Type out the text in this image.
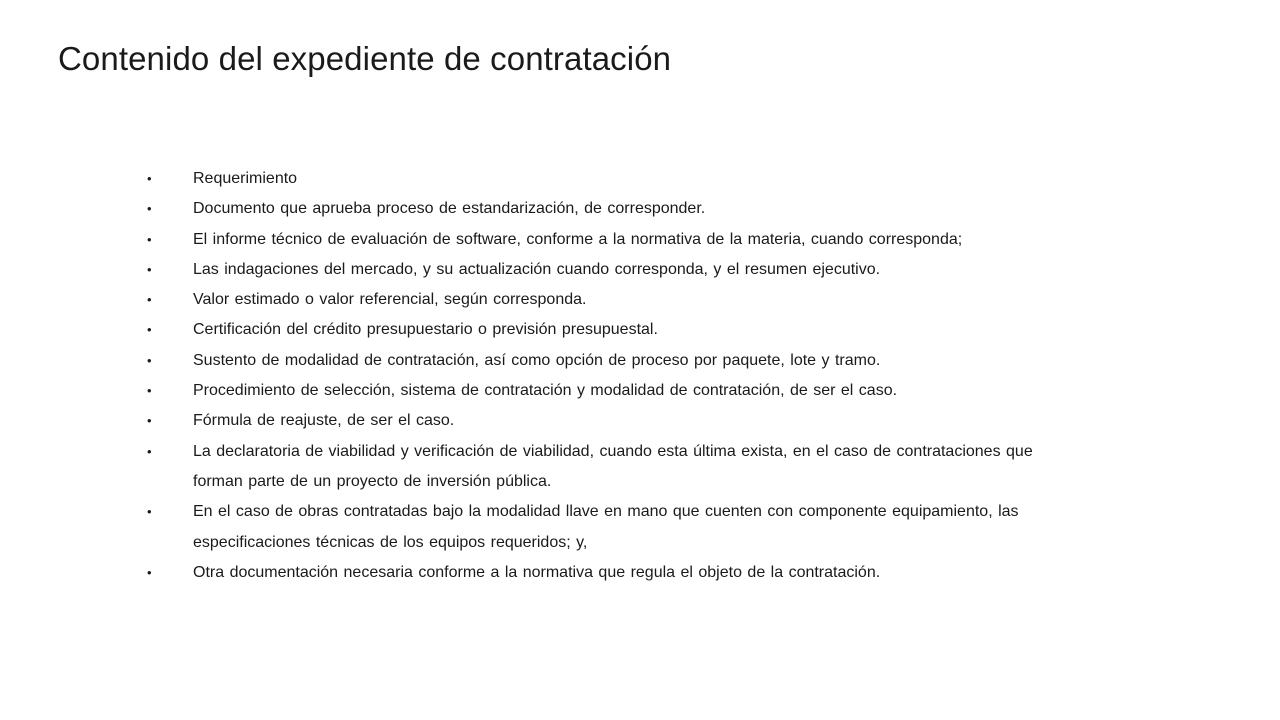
Contenido del expediente de contratación
•	Requerimiento
•	Documento que aprueba proceso de estandarización, de corresponder.
•	El informe técnico de evaluación de software, conforme a la normativa de la materia, cuando corresponda;
•	Las indagaciones del mercado, y su actualización cuando corresponda, y el resumen ejecutivo.
•	Valor estimado o valor referencial, según corresponda.
•	Certificación del crédito presupuestario o previsión presupuestal.
•	Sustento de modalidad de contratación, así como opción de proceso por paquete, lote y tramo.
•	Procedimiento de selección, sistema de contratación y modalidad de contratación, de ser el caso.
•	Fórmula de reajuste, de ser el caso.
•	La declaratoria de viabilidad y verificación de viabilidad, cuando esta última exista, en el caso de contrataciones que forman parte de un proyecto de inversión pública.
•	En el caso de obras contratadas bajo la modalidad llave en mano que cuenten con componente equipamiento, las especificaciones técnicas de los equipos requeridos; y,
•	Otra documentación necesaria conforme a la normativa que regula el objeto de la contratación.
